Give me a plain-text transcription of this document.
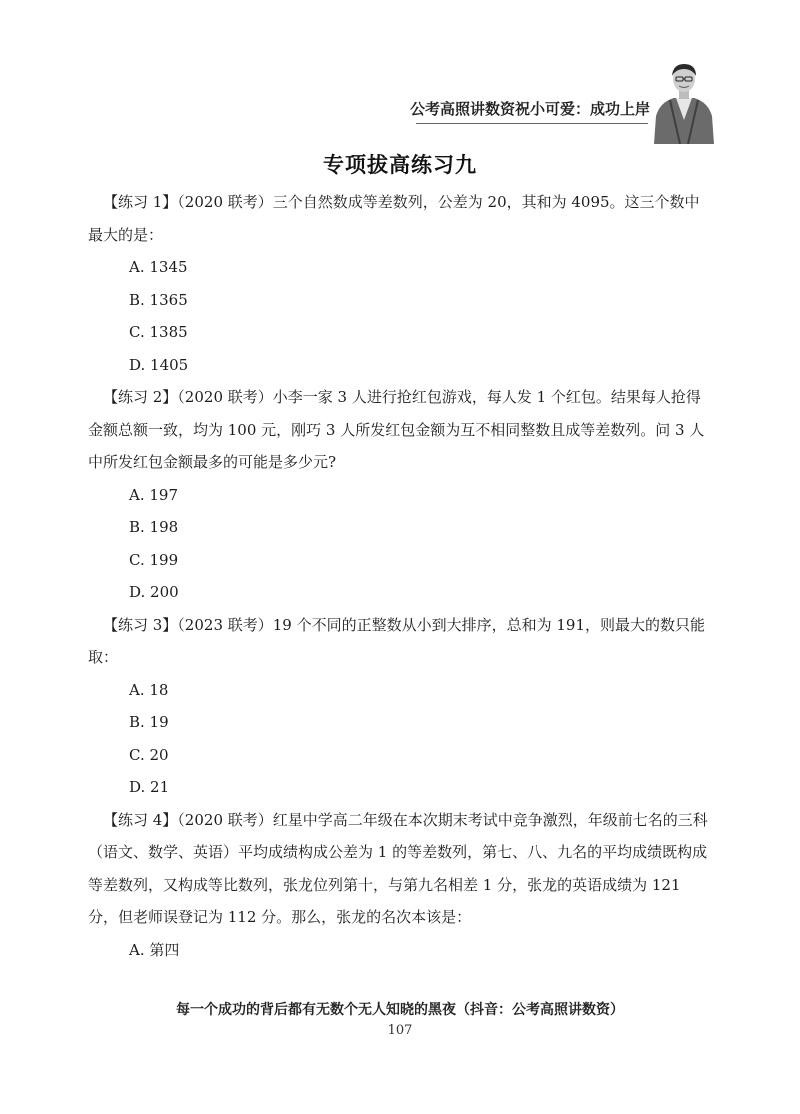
公考高照讲数资祝小可爱：成功上岸
专项拔高练习九

【练习 1】（2020 联考）三个自然数成等差数列，公差为 20，其和为 4095。这三个数中最大的是：

A. 1345

B. 1365

C. 1385

D. 1405

【练习 2】（2020 联考）小李一家 3 人进行抢红包游戏，每人发 1 个红包。结果每人抢得金额总额一致，均为 100 元，刚巧 3 人所发红包金额为互不相同整数且成等差数列。问 3 人中所发红包金额最多的可能是多少元?

A. 197

B. 198

C. 199

D. 200

【练习 3】（2023 联考）19 个不同的正整数从小到大排序，总和为 191，则最大的数只能取：

A. 18

B. 19

C. 20

D. 21

【练习 4】（2020 联考）红星中学高二年级在本次期末考试中竞争激烈，年级前七名的三科（语文、数学、英语）平均成绩构成公差为 1 的等差数列，第七、八、九名的平均成绩既构成等差数列，又构成等比数列，张龙位列第十，与第九名相差 1 分，张龙的英语成绩为 121 分，但老师误登记为 112 分。那么，张龙的名次本该是：

A. 第四

每一个成功的背后都有无数个无人知晓的黑夜（抖音：公考高照讲数资）
107
